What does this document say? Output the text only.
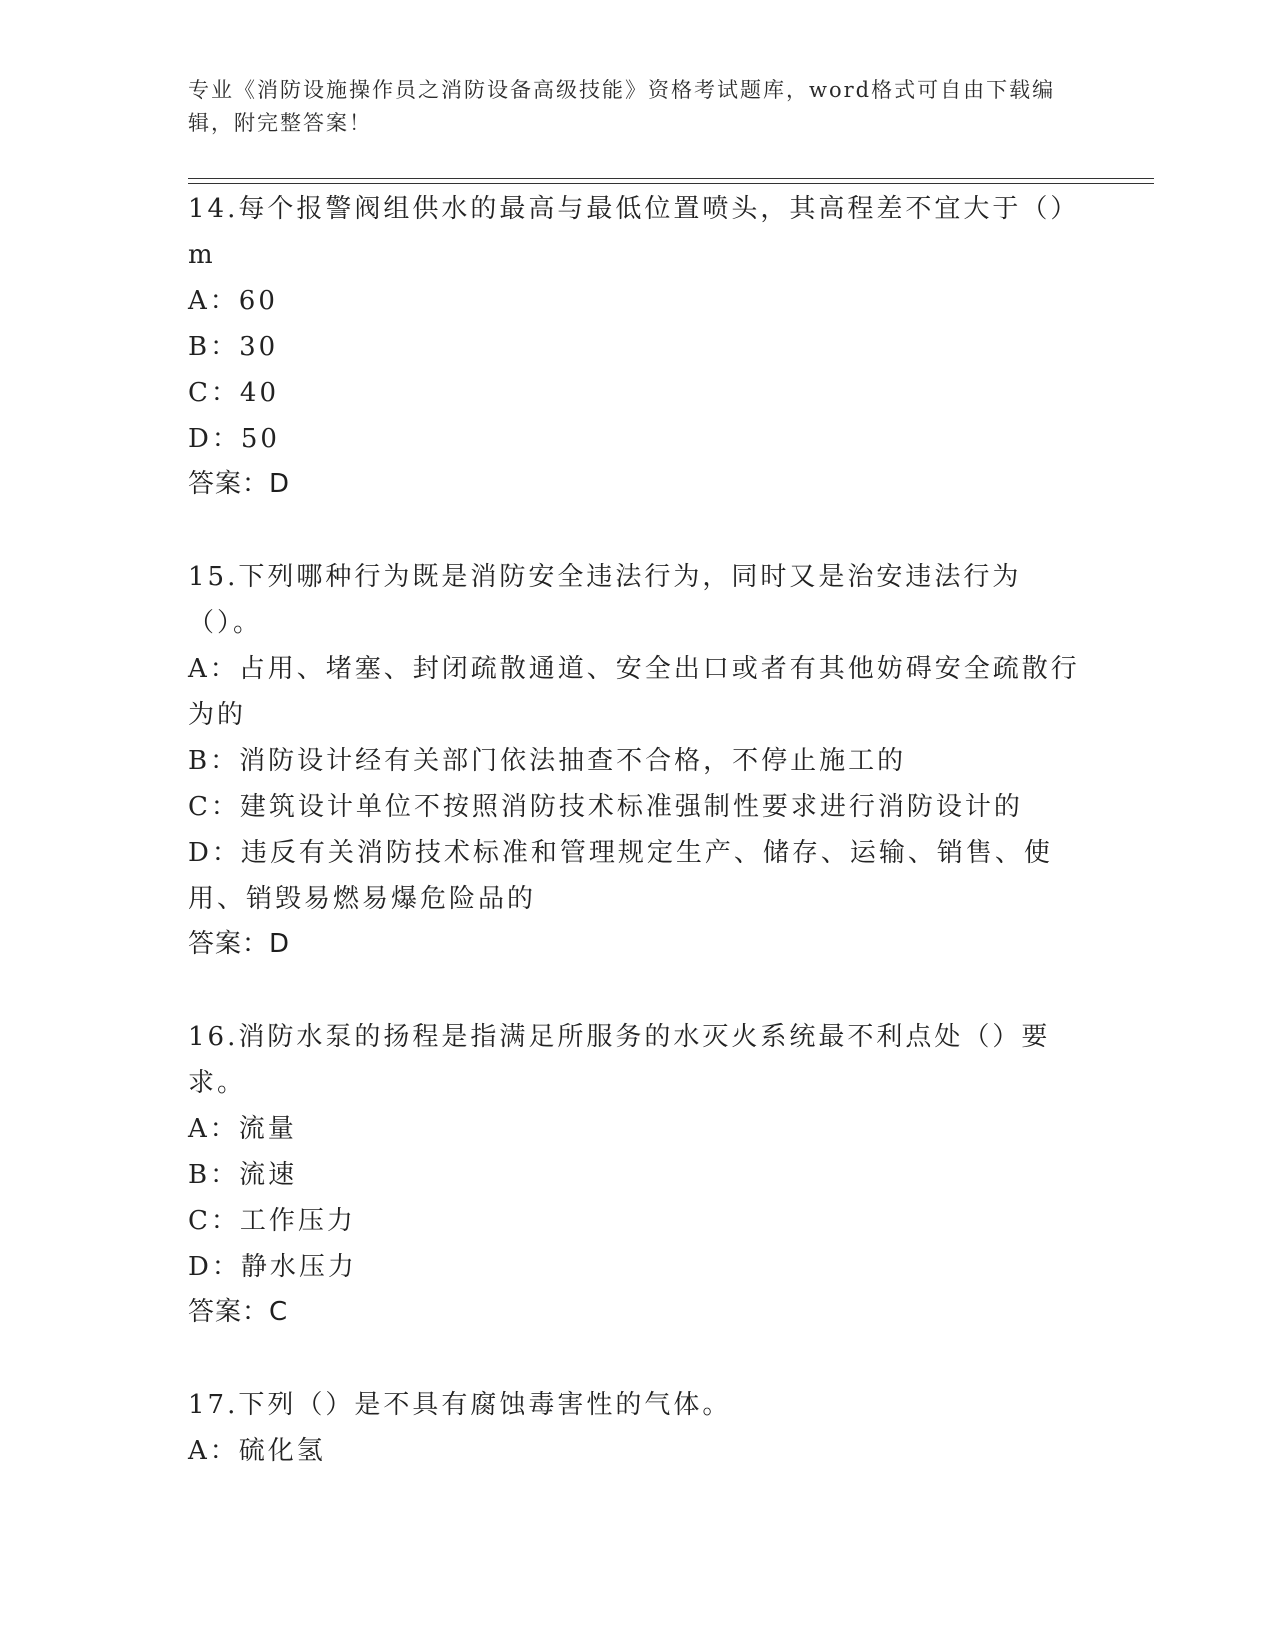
专业《消防设施操作员之消防设备高级技能》资格考试题库，word格式可自由下载编辑，附完整答案！

14.每个报警阀组供水的最高与最低位置喷头，其高程差不宜大于（）m

A：60

B：30

C：40

D：50

答案：D

15.下列哪种行为既是消防安全违法行为，同时又是治安违法行为（）。

A：占用、堵塞、封闭疏散通道、安全出口或者有其他妨碍安全疏散行为的

B：消防设计经有关部门依法抽查不合格，不停止施工的

C：建筑设计单位不按照消防技术标准强制性要求进行消防设计的

D：违反有关消防技术标准和管理规定生产、储存、运输、销售、使用、销毁易燃易爆危险品的

答案：D

16.消防水泵的扬程是指满足所服务的水灭火系统最不利点处（）要求。

A：流量

B：流速

C：工作压力

D：静水压力

答案：C

17.下列（）是不具有腐蚀毒害性的气体。

A：硫化氢
